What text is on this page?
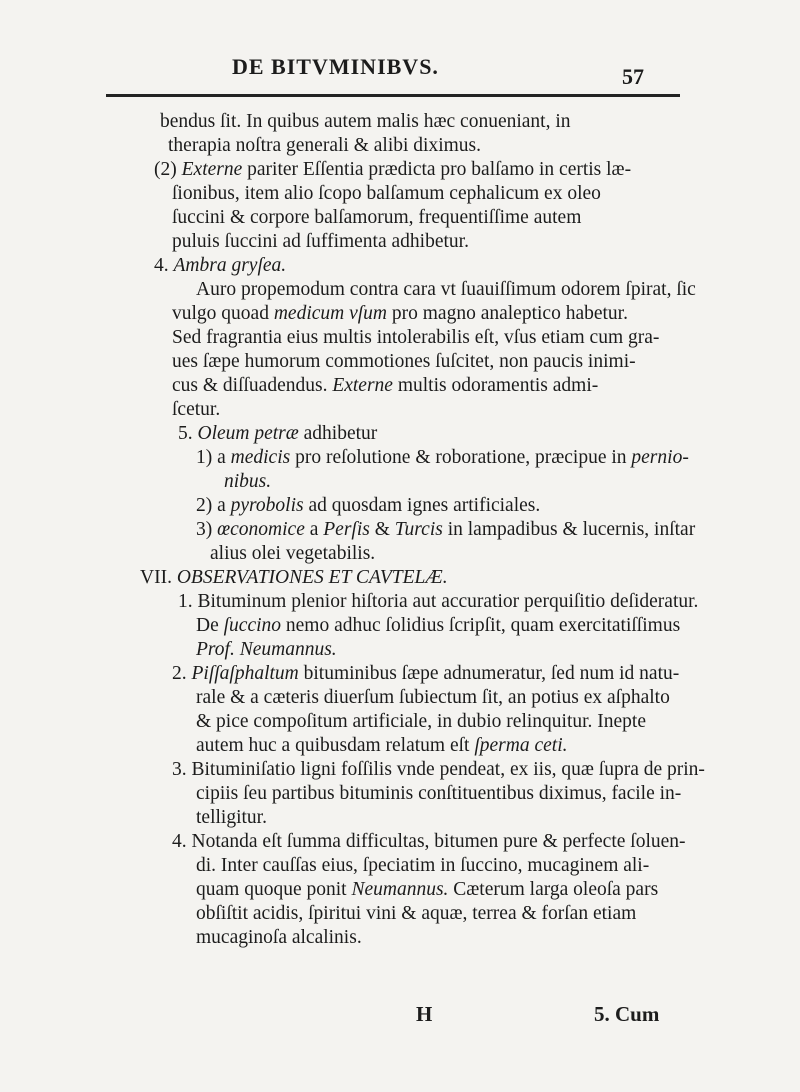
DE BITVMINIBVS.	57
bendus ſit. In quibus autem malis hæc conueniant, in
therapia noſtra generali & alibi diximus.
(2) Externe pariter Eſſentia prædicta pro balſamo in certis læ-
ſionibus, item alio ſcopo balſamum cephalicum ex oleo
ſuccini & corpore balſamorum, frequentiſſime autem
puluis ſuccini ad ſuffimenta adhibetur.
4. Ambra gryſea.
Auro propemodum contra cara vt ſuauiſſimum odorem ſpirat, ſic
vulgo quoad medicum vſum pro magno analeptico habetur.
Sed fragrantia eius multis intolerabilis eſt, vſus etiam cum gra-
ues ſæpe humorum commotiones ſuſcitet, non paucis inimi-
cus & diſſuadendus. Externe multis odoramentis admi-
ſcetur.
5. Oleum petræ adhibetur
1) a medicis pro reſolutione & roboratione, præcipue in pernio-
nibus.
2) a pyrobolis ad quosdam ignes artificiales.
3) œconomice a Perſis & Turcis in lampadibus & lucernis, inſtar
alius olei vegetabilis.
VII. OBSERVATIONES ET CAVTELÆ.
1. Bituminum plenior hiſtoria aut accuratior perquiſitio deſideratur.
De ſuccino nemo adhuc ſolidius ſcripſit, quam exercitatiſſimus
Prof. Neumannus.
2. Piſſaſphaltum bituminibus ſæpe adnumeratur, ſed num id natu-
rale & a cæteris diuerſum ſubiectum ſit, an potius ex aſphalto
& pice compoſitum artificiale, in dubio relinquitur. Inepte
autem huc a quibusdam relatum eſt ſperma ceti.
3. Bituminiſatio ligni foſſilis vnde pendeat, ex iis, quæ ſupra de prin-
cipiis ſeu partibus bituminis conſtituentibus diximus, facile in-
telligitur.
4. Notanda eſt ſumma difficultas, bitumen pure & perfecte ſoluen-
di. Inter cauſſas eius, ſpeciatim in ſuccino, mucaginem ali-
quam quoque ponit Neumannus. Cæterum larga oleoſa pars
obſiſtit acidis, ſpiritui vini & aquæ, terrea & forſan etiam
mucaginoſa alcalinis.
H	5. Cum
